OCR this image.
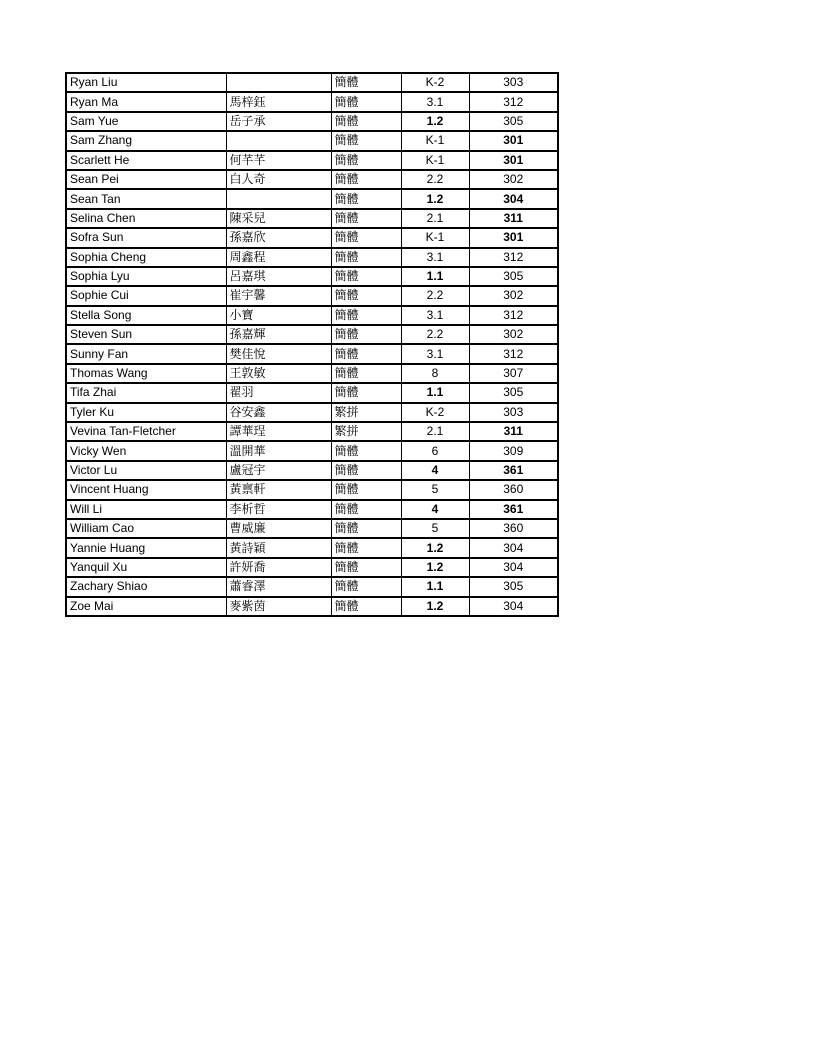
Ryan Liu		簡體	K-2	303
Ryan Ma	馬梓鈺	簡體	3.1	312
Sam Yue	岳子承	簡體	1.2	305
Sam Zhang		簡體	K-1	301
Scarlett He	何芊芊	簡體	K-1	301
Sean Pei	白人奇	簡體	2.2	302
Sean Tan		簡體	1.2	304
Selina Chen	陳采兒	簡體	2.1	311
Sofra Sun	孫嘉欣	簡體	K-1	301
Sophia Cheng	周鑫程	簡體	3.1	312
Sophia Lyu	呂嘉琪	簡體	1.1	305
Sophie Cui	崔宇馨	簡體	2.2	302
Stella Song	小寶	簡體	3.1	312
Steven Sun	孫嘉輝	簡體	2.2	302
Sunny Fan	樊佳悅	簡體	3.1	312
Thomas Wang	王敦敏	簡體	8	307
Tifa Zhai	翟羽	簡體	1.1	305
Tyler Ku	谷安鑫	繁拼	K-2	303
Vevina Tan-Fletcher	譚華珵	繁拼	2.1	311
Vicky Wen	溫開華	簡體	6	309
Victor Lu	盧冠宇	簡體	4	361
Vincent Huang	黃禀軒	簡體	5	360
Will Li	李析哲	簡體	4	361
William Cao	曹威廉	簡體	5	360
Yannie Huang	黃詩穎	簡體	1.2	304
Yanquil Xu	許妍喬	簡體	1.2	304
Zachary Shiao	蕭睿澤	簡體	1.1	305
Zoe Mai	麥紫茵	簡體	1.2	304
